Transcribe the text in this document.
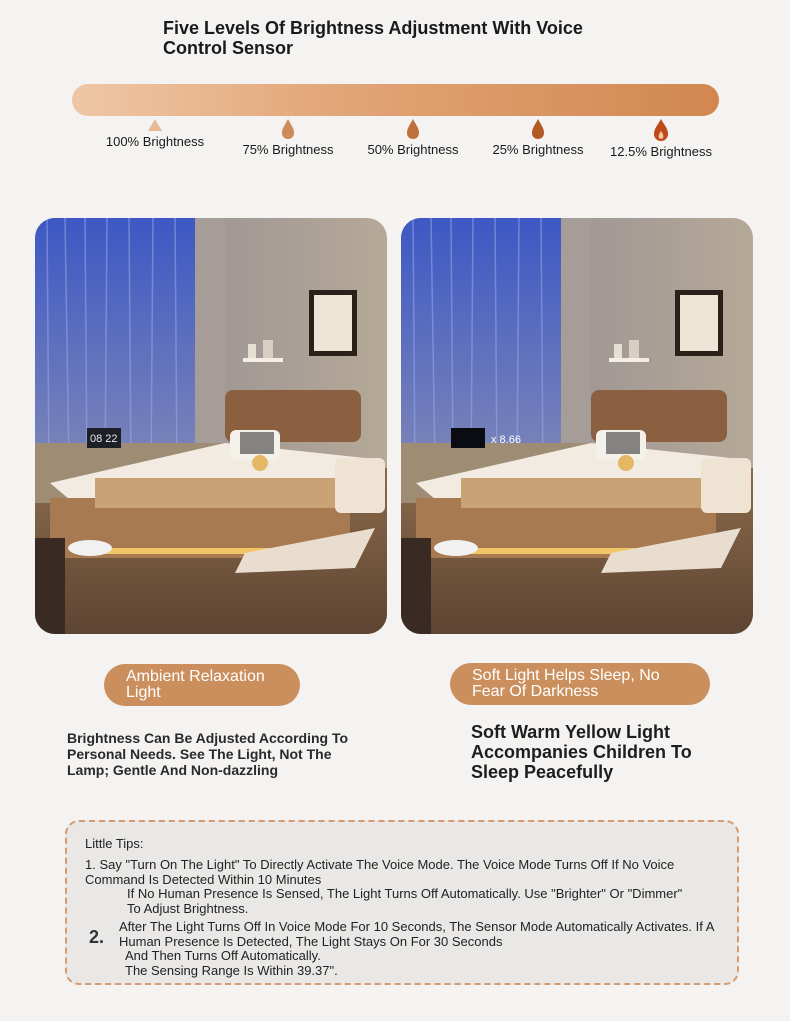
Five Levels Of Brightness Adjustment With Voice Control Sensor
100% Brightness
75% Brightness	50% Brightness	25% Brightness	12.5% Brightness
08 22	x 8.66
Ambient Relaxation Light
Soft Light Helps Sleep, No Fear Of Darkness
Brightness Can Be Adjusted According To Personal Needs. See The Light, Not The Lamp; Gentle And Non-dazzling
Soft Warm Yellow Light Accompanies Children To Sleep Peacefully
Little Tips:
1. Say "Turn On The Light" To Directly Activate The Voice Mode. The Voice Mode Turns Off If No Voice Command Is Detected Within 10 Minutes
If No Human Presence Is Sensed, The Light Turns Off Automatically. Use "Brighter" Or "Dimmer" To Adjust Brightness.
2.
After The Light Turns Off In Voice Mode For 10 Seconds, The Sensor Mode Automatically Activates. If A Human Presence Is Detected, The Light Stays On For 30 Seconds
And Then Turns Off Automatically.
The Sensing Range Is Within 39.37".
